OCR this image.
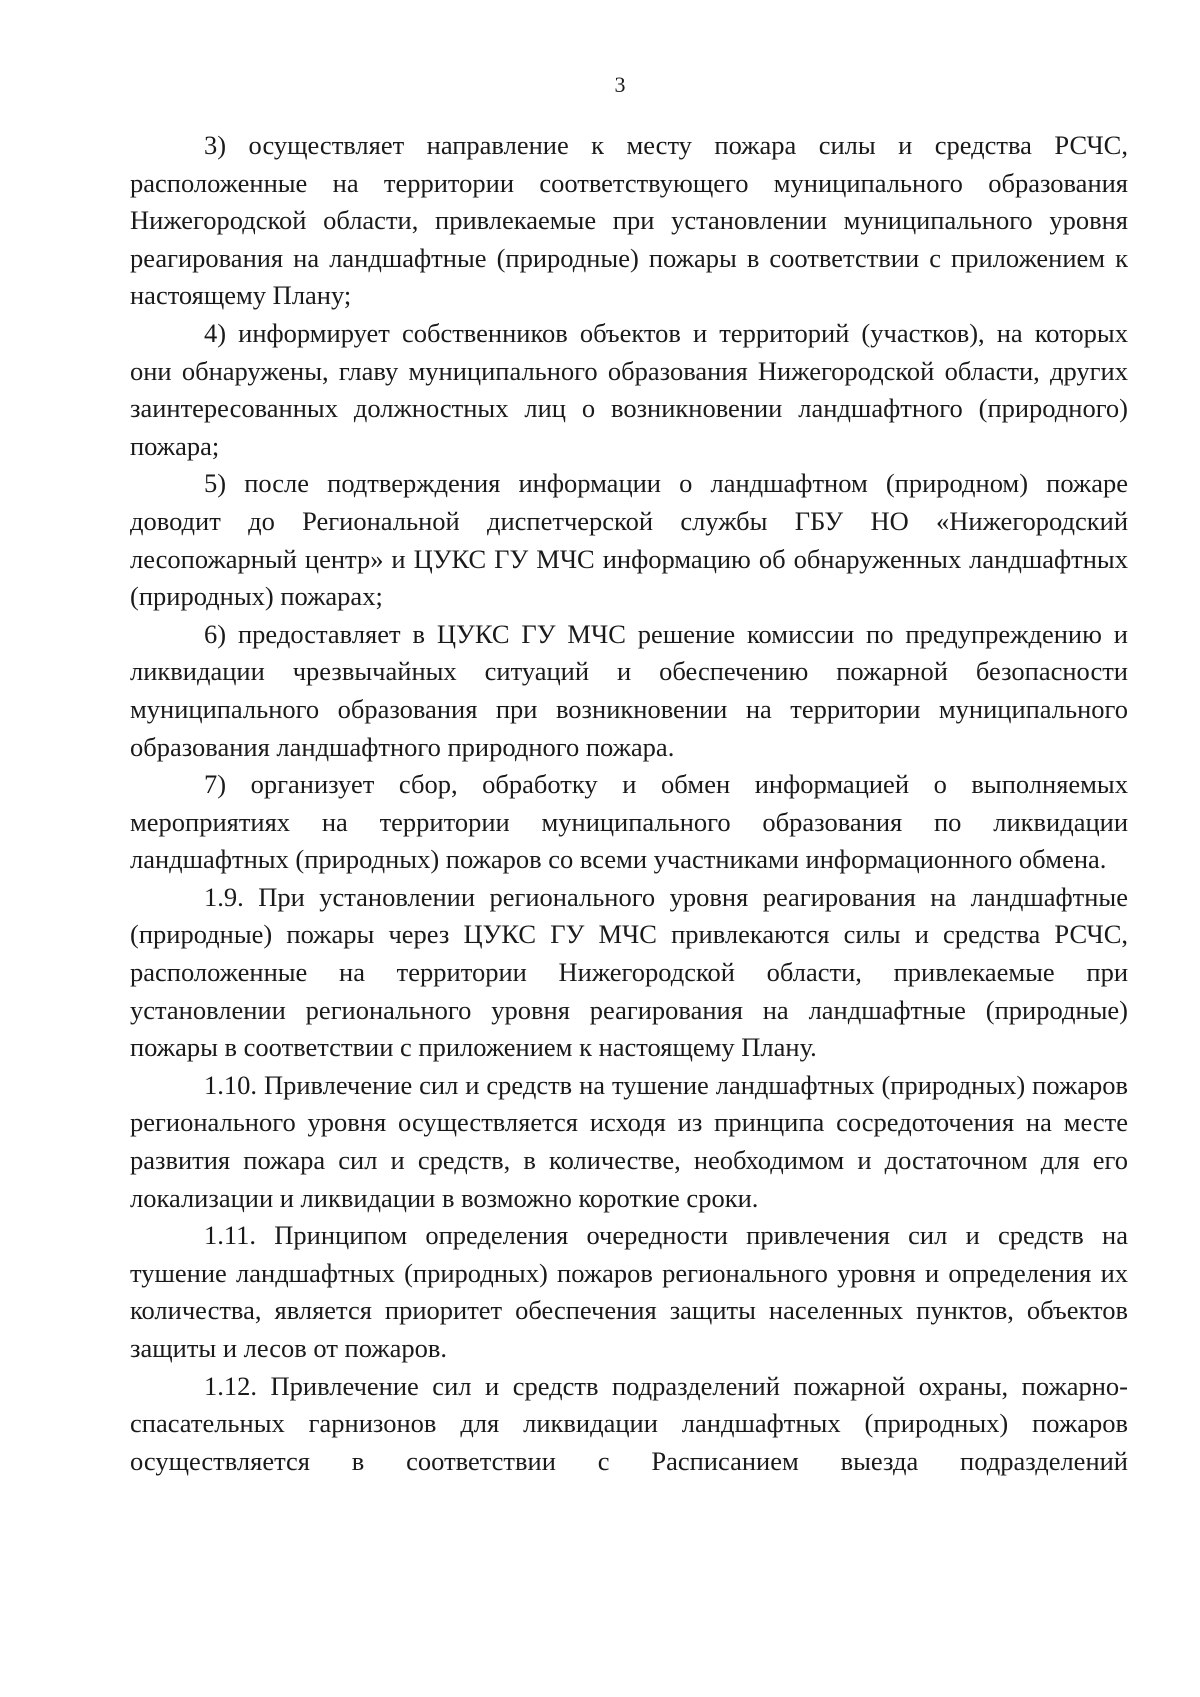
3

3) осуществляет направление к месту пожара силы и средства РСЧС, расположенные на территории соответствующего муниципального образования Нижегородской области, привлекаемые при установлении муниципального уровня реагирования на ландшафтные (природные) пожары в соответствии с приложением к настоящему Плану;

4) информирует собственников объектов и территорий (участков), на которых они обнаружены, главу муниципального образования Нижегородской области, других заинтересованных должностных лиц о возникновении ландшафтного (природного) пожара;

5) после подтверждения информации о ландшафтном (природном) пожаре доводит до Региональной диспетчерской службы ГБУ НО «Нижегородский лесопожарный центр» и ЦУКС ГУ МЧС информацию об обнаруженных ландшафтных (природных) пожарах;

6) предоставляет в ЦУКС ГУ МЧС решение комиссии по предупреждению и ликвидации чрезвычайных ситуаций и обеспечению пожарной безопасности муниципального образования при возникновении на территории муниципального образования ландшафтного природного пожара.

7) организует сбор, обработку и обмен информацией о выполняемых мероприятиях на территории муниципального образования по ликвидации ландшафтных (природных) пожаров со всеми участниками информационного обмена.

1.9. При установлении регионального уровня реагирования на ландшафтные (природные) пожары через ЦУКС ГУ МЧС привлекаются силы и средства РСЧС, расположенные на территории Нижегородской области, привлекаемые при установлении регионального уровня реагирования на ландшафтные (природные) пожары в соответствии с приложением к настоящему Плану.

1.10. Привлечение сил и средств на тушение ландшафтных (природных) пожаров регионального уровня осуществляется исходя из принципа сосредоточения на месте развития пожара сил и средств, в количестве, необходимом и достаточном для его локализации и ликвидации в возможно короткие сроки.

1.11. Принципом определения очередности привлечения сил и средств на тушение ландшафтных (природных) пожаров регионального уровня и определения их количества, является приоритет обеспечения защиты населенных пунктов, объектов защиты и лесов от пожаров.

1.12. Привлечение сил и средств подразделений пожарной охраны, пожарно-спасательных гарнизонов для ликвидации ландшафтных (природных) пожаров осуществляется в соответствии с Расписанием выезда подразделений
